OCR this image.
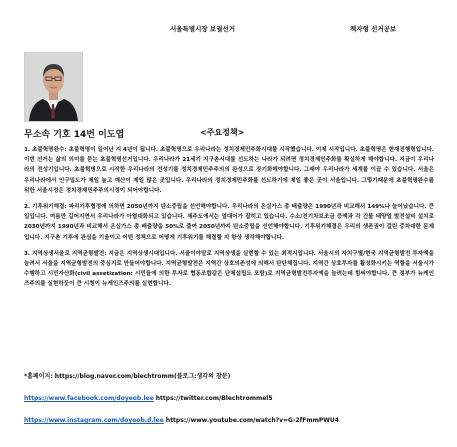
서울특별시장 보궐선거	책자형 선거공보
무소속 기호 14번 이도엽	<주요정책>

1. 초불혁명완수: 초불혁명이 일어난 지 4년이 됩니다. 초불혁명으로 우리나라는 정치경제민주화시대를 시작했습니다. 이제 시작입니다. 초불혁명은 현재진행형입니다. 이번 선거는 삶의 의미를 묻는 초불혁명선거입니다. 우리나라가 21세기 지구촌시대를 선도하는 나라가 되려면 정치경제민주화를 확실하게 해야합니다. 지금이 우리나라의 전성기입니다. 초불혁명으로 시작한 우리나라의 전성기를 정치경제민주주의의 완성으로 장기화해야합니다. 그래야 우리나라가 세계를 이끌 수 있습니다. 서울은 우리나라에서 인구밀도가 제일 높고 예산이 제일 많은 곳입니다. 우리나라의 정치경제민주화를 선도하기에 제일 좋은 곳이 서울입니다. 그렇기때문에 초불혁명완수를 위한 서울시정은 정치경제민주주의시정이 되어야합니다.

2. 기후위기해결: 파리기후협정에 의하면 2050년까지 탄소중립을 선언해야합니다. 우리나라의 온실가스 총 배출량은 1990년과 비교해서 149%나 늘어났습니다. 큰일입니다. 여름만 길어지면서 우리나라가 아열대화되고 있습니다. 제주도에서는 열대어가 잡히고 있습니다. 수소/전기차보조금 증액과 각 건물 태양열 발전설비 설치로 2030년까지 1990년과 비교해서 온실가스 총 배출량을 50%로 줄여 2050년까지 탄소중립을 선언해야합니다. 기후위기해결은 우리의 생존권이 걸린 중차대한 문제입니다. 지구촌 기후에 관심을 기울이고 어떤 정책으로 어떻게 기후위기를 해결할 지 항상 생각해야합니다.

3. 지역상생서울로 지역균형발전: 지금은 지역상생시대입니다. 서울이야말로 지역상생을 실현할 수 있는 최적지입니다. 서울시의 자치구별/현국 지역균형발전 투자액을 늘려서 서울을 지역균형발전의 중심지로 만들어야합니다. 지역균형발전은 지역간 상호의존성에 의해서 탄탄해집니다. 지역간 상호투자를 활성화시키는 역할을 서울시가 수행하고 시민자산화(civil assetization: 시민들에 의한 투자로 협동조합같은 단체설립도 포함)로 지역균형발전투자액을 늘려는데 힘써야합니다. 큰 정부가 뉴케인즈주의를 실현하듯이 큰 시청이 뉴케인즈주의를 실현합니다.

*홈페이지: https://blog.naver.com/blechtromm(블로그:생각의 창문)
https://www.facebook.com/doyeob.lee https://twitter.com/Blechtrommel5
https://www.instagram.com/doyeob.d.lee https://www.youtube.com/watch?v=G-2fFmmPWU4
